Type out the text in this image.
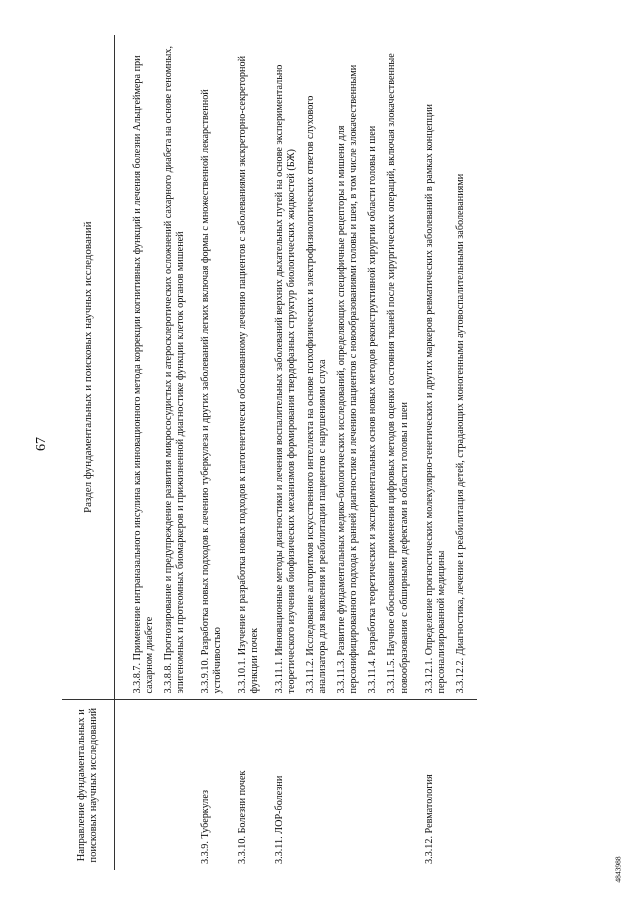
67
4843988
Направление фундаментальных и поисковых научных исследований	Раздел фундаментальных и поисковых научных исследований

	3.3.8.7. Применение интраназального инсулина как инновационного метода коррекции когнитивных функций и лечения болезни Альцгеймера при сахарном диабете 3.3.8.8. Прогнозирование и предупреждение развития микрососудистых и атеросклеротических осложнений сахарного диабета на основе геномных, эпигеномных и протеомных биомаркеров и прижизненной диагностике функции клеток органов мишеней

3.3.9. Туберкулез	3.3.9.10. Разработка новых подходов к лечению туберкулеза и других заболеваний легких включая формы с множественной лекарственной устойчивостью

3.3.10. Болезни почек	3.3.10.1. Изучение и разработка новых подходов к патогенетически обоснованному лечению пациентов с заболеваниями экскреторно-секреторной функции почек

3.3.11. ЛОР-болезни	3.3.11.1. Инновационные методы диагностики и лечения воспалительных заболеваний верхних дыхательных путей на основе экспериментально теоретического изучения биофизических механизмов формирования твердофазных структур биологических жидкостей (БЖ) 3.3.11.2. Исследование алгоритмов искусственного интеллекта на основе психофизических и электрофизиологических ответов слухового анализатора для выявления и реабилитации пациентов с нарушениями слуха 3.3.11.3. Развитие фундаментальных медико-биологических исследований, определяющих специфичные рецепторы и мишени для персонифицированного подхода к ранней диагностике и лечению пациентов с новообразованиями головы и шеи, в том числе злокачественными 3.3.11.4. Разработка теоретических и экспериментальных основ новых методов реконструктивной хирургии области головы и шеи 3.3.11.5. Научное обоснование применения цифровых методов оценки состояния тканей после хирургических операций, включая злокачественные новообразования с обширными дефектами в области головы и шеи

3.3.12. Ревматология	3.3.12.1. Определение прогностических молекулярно-генетических и других маркеров ревматических заболеваний в рамках концепции персонализированной медицины 3.3.12.2. Диагностика, лечение и реабилитация детей, страдающих моногенными аутовоспалительными заболеваниями
